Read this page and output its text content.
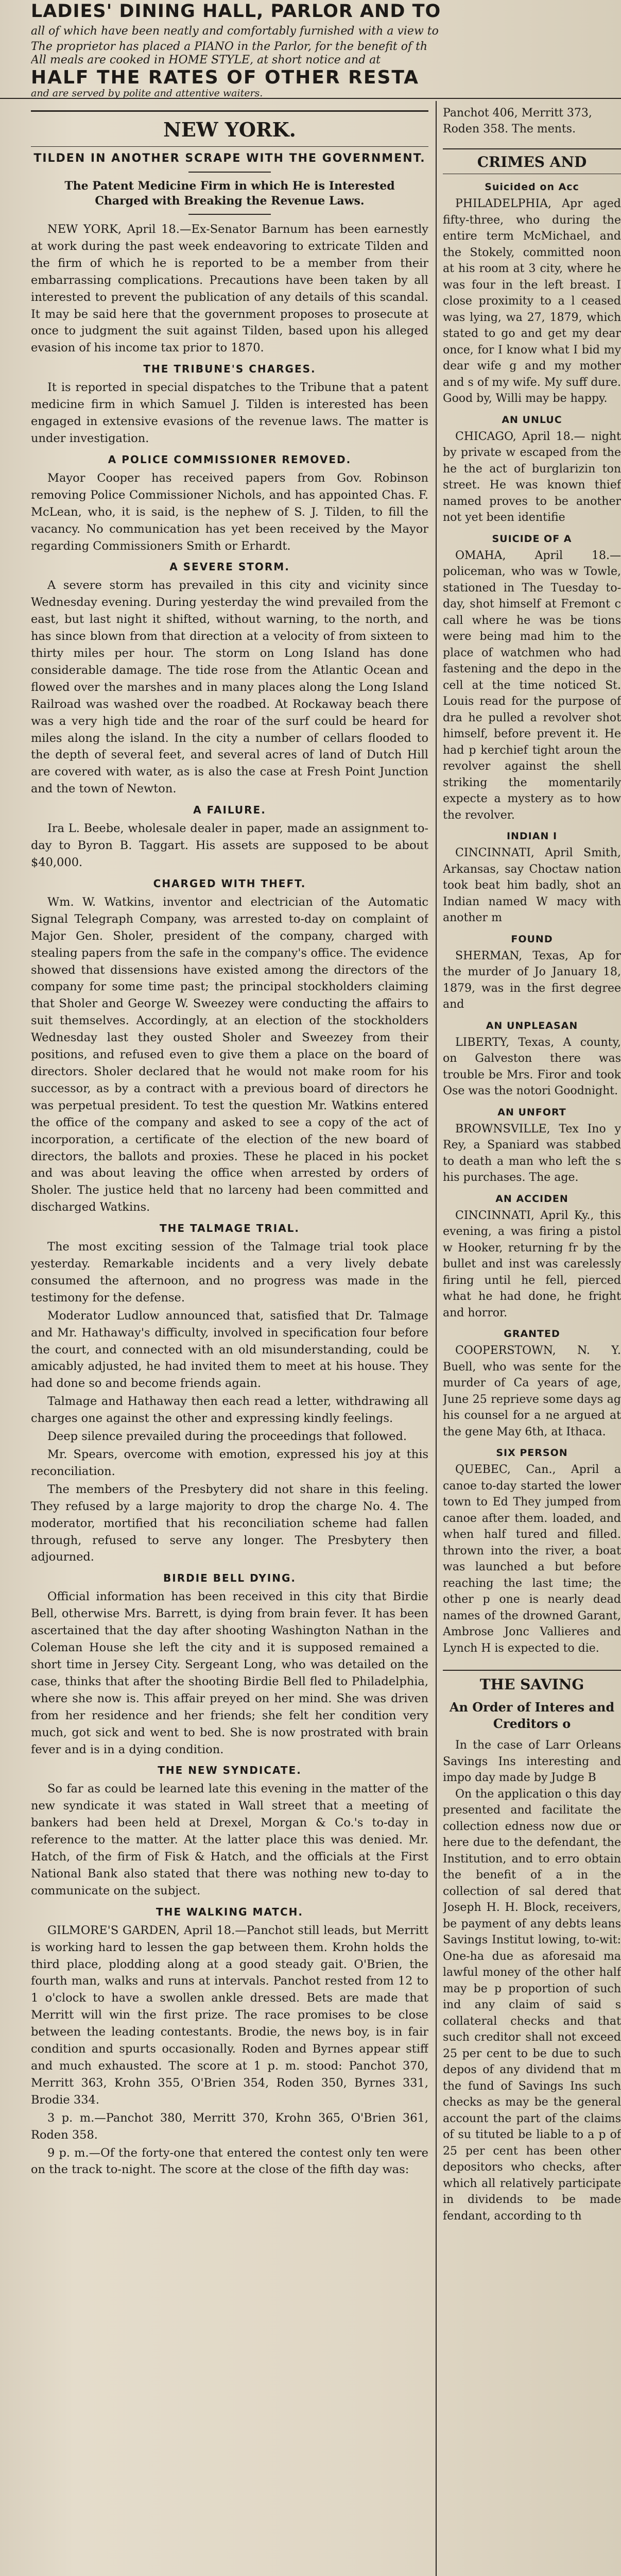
LADIES' DINING HALL, PARLOR AND TO
all of which have been neatly and comfortably furnished with a view to
The proprietor has placed a PIANO in the Parlor, for the benefit of th
All meals are cooked in HOME STYLE, at short notice and at
HALF THE RATES OF OTHER RESTA
and are served by polite and attentive waiters.
NEW YORK.
TILDEN IN ANOTHER SCRAPE WITH THE GOVERNMENT.
The Patent Medicine Firm in which He is Interested Charged with Breaking the Revenue Laws.

NEW YORK, April 18.—Ex-Senator Barnum has been earnestly at work during the past week endeavoring to extricate Tilden and the firm of which he is reported to be a member from their embarrassing complications. Precautions have been taken by all interested to prevent the publication of any details of this scandal. It may be said here that the government proposes to prosecute at once to judgment the suit against Tilden, based upon his alleged evasion of his income tax prior to 1870.

THE TRIBUNE'S CHARGES.

It is reported in special dispatches to the Tribune that a patent medicine firm in which Samuel J. Tilden is interested has been engaged in extensive evasions of the revenue laws. The matter is under investigation.

A POLICE COMMISSIONER REMOVED.

Mayor Cooper has received papers from Gov. Robinson removing Police Commissioner Nichols, and has appointed Chas. F. McLean, who, it is said, is the nephew of S. J. Tilden, to fill the vacancy. No communication has yet been received by the Mayor regarding Commissioners Smith or Erhardt.

A SEVERE STORM.

A severe storm has prevailed in this city and vicinity since Wednesday evening. During yesterday the wind prevailed from the east, but last night it shifted, without warning, to the north, and has since blown from that direction at a velocity of from sixteen to thirty miles per hour. The storm on Long Island has done considerable damage. The tide rose from the Atlantic Ocean and flowed over the marshes and in many places along the Long Island Railroad was washed over the roadbed. At Rockaway beach there was a very high tide and the roar of the surf could be heard for miles along the island. In the city a number of cellars flooded to the depth of several feet, and several acres of land of Dutch Hill are covered with water, as is also the case at Fresh Point Junction and the town of Newton.

A FAILURE.

Ira L. Beebe, wholesale dealer in paper, made an assignment to-day to Byron B. Taggart. His assets are supposed to be about $40,000.

CHARGED WITH THEFT.

Wm. W. Watkins, inventor and electrician of the Automatic Signal Telegraph Company, was arrested to-day on complaint of Major Gen. Sholer, president of the company, charged with stealing papers from the safe in the company's office. The evidence showed that dissensions have existed among the directors of the company for some time past; the principal stockholders claiming that Sholer and George W. Sweezey were conducting the affairs to suit themselves. Accordingly, at an election of the stockholders Wednesday last they ousted Sholer and Sweezey from their positions, and refused even to give them a place on the board of directors. Sholer declared that he would not make room for his successor, as by a contract with a previous board of directors he was perpetual president. To test the question Mr. Watkins entered the office of the company and asked to see a copy of the act of incorporation, a certificate of the election of the new board of directors, the ballots and proxies. These he placed in his pocket and was about leaving the office when arrested by orders of Sholer. The justice held that no larceny had been committed and discharged Watkins.

THE TALMAGE TRIAL.

The most exciting session of the Talmage trial took place yesterday. Remarkable incidents and a very lively debate consumed the afternoon, and no progress was made in the testimony for the defense.

Moderator Ludlow announced that, satisfied that Dr. Talmage and Mr. Hathaway's difficulty, involved in specification four before the court, and connected with an old misunderstanding, could be amicably adjusted, he had invited them to meet at his house. They had done so and become friends again.

Talmage and Hathaway then each read a letter, withdrawing all charges one against the other and expressing kindly feelings.

Deep silence prevailed during the proceedings that followed.

Mr. Spears, overcome with emotion, expressed his joy at this reconciliation.

The members of the Presbytery did not share in this feeling. They refused by a large majority to drop the charge No. 4. The moderator, mortified that his reconciliation scheme had fallen through, refused to serve any longer. The Presbytery then adjourned.

BIRDIE BELL DYING.

Official information has been received in this city that Birdie Bell, otherwise Mrs. Barrett, is dying from brain fever. It has been ascertained that the day after shooting Washington Nathan in the Coleman House she left the city and it is supposed remained a short time in Jersey City. Sergeant Long, who was detailed on the case, thinks that after the shooting Birdie Bell fled to Philadelphia, where she now is. This affair preyed on her mind. She was driven from her residence and her friends; she felt her condition very much, got sick and went to bed. She is now prostrated with brain fever and is in a dying condition.

THE NEW SYNDICATE.

So far as could be learned late this evening in the matter of the new syndicate it was stated in Wall street that a meeting of bankers had been held at Drexel, Morgan & Co.'s to-day in reference to the matter. At the latter place this was denied. Mr. Hatch, of the firm of Fisk & Hatch, and the officials at the First National Bank also stated that there was nothing new to-day to communicate on the subject.

THE WALKING MATCH.

GILMORE'S GARDEN, April 18.—Panchot still leads, but Merritt is working hard to lessen the gap between them. Krohn holds the third place, plodding along at a good steady gait. O'Brien, the fourth man, walks and runs at intervals. Panchot rested from 12 to 1 o'clock to have a swollen ankle dressed. Bets are made that Merritt will win the first prize. The race promises to be close between the leading contestants. Brodie, the news boy, is in fair condition and spurts occasionally. Roden and Byrnes appear stiff and much exhausted. The score at 1 p. m. stood: Panchot 370, Merritt 363, Krohn 355, O'Brien 354, Roden 350, Byrnes 331, Brodie 334.

3 p. m.—Panchot 380, Merritt 370, Krohn 365, O'Brien 361, Roden 358.

9 p. m.—Of the forty-one that entered the contest only ten were on the track to-night. The score at the close of the fifth day was:

Panchot 406, Merritt 373, Roden 358. The ments.

CRIMES AND
Suicided on Acc

PHILADELPHIA, Apr aged fifty-three, who during the entire term McMichael, and the Stokely, committed noon at his room at 3 city, where he was four in the left breast. I close proximity to a l ceased was lying, wa 27, 1879, which stated to go and get my dear once, for I know what I bid my dear wife g and my mother and s of my wife. My suff dure. Good by, Willi may be happy.

AN UNLUC

CHICAGO, April 18.— night by private w escaped from the he the act of burglarizin ton street. He was known thief named proves to be another not yet been identifie

SUICIDE OF A

OMAHA, April 18.— policeman, who was w Towle, stationed in The Tuesday to-day, shot himself at Fremont c call where he was be tions were being mad him to the place of watchmen who had fastening and the depo in the cell at the time noticed St. Louis read for the purpose of dra he pulled a revolver shot himself, before prevent it. He had p kerchief tight aroun the revolver against the shell striking the momentarily expecte a mystery as to how the revolver.

INDIAN I

CINCINNATI, April Smith, Arkansas, say Choctaw nation took beat him badly, shot an Indian named W macy with another m

FOUND

SHERMAN, Texas, Ap for the murder of Jo January 18, 1879, was in the first degree and

AN UNPLEASAN

LIBERTY, Texas, A county, on Galveston there was trouble be Mrs. Firor and took Ose was the notori Goodnight.

AN UNFORT

BROWNSVILLE, Tex Ino y Rey, a Spaniard was stabbed to death a man who left the s his purchases. The age.

AN ACCIDEN

CINCINNATI, April Ky., this evening, a was firing a pistol w Hooker, returning fr by the bullet and inst was carelessly firing until he fell, pierced what he had done, he fright and horror.

GRANTED

COOPERSTOWN, N. Y. Buell, who was sente for the murder of Ca years of age, June 25 reprieve some days ag his counsel for a ne argued at the gene May 6th, at Ithaca.

SIX PERSON

QUEBEC, Can., April a canoe to-day started the lower town to Ed They jumped from canoe after them. loaded, and when half tured and filled. thrown into the river, a boat was launched a but before reaching the last time; the other p one is nearly dead names of the drowned Garant, Ambrose Jonc Vallieres and Lynch H is expected to die.

THE SAVING
An Order of Interes and Creditors o

In the case of Larr Orleans Savings Ins interesting and impo day made by Judge B

On the application o this day presented and facilitate the collection edness now due or here due to the defendant, the Institution, and to erro obtain the benefit of a in the collection of sal dered that Joseph H. H. Block, receivers, be payment of any debts leans Savings Institut lowing, to-wit: One-ha due as aforesaid ma lawful money of the other half may be p proportion of such ind any claim of said s collateral checks and that such creditor shall not exceed 25 per cent to be due to such depos of any dividend that m the fund of Savings Ins such checks as may be the general account the part of the claims of su tituted be liable to a p of 25 per cent has been other depositors who checks, after which all relatively participate in dividends to be made fendant, according to th
